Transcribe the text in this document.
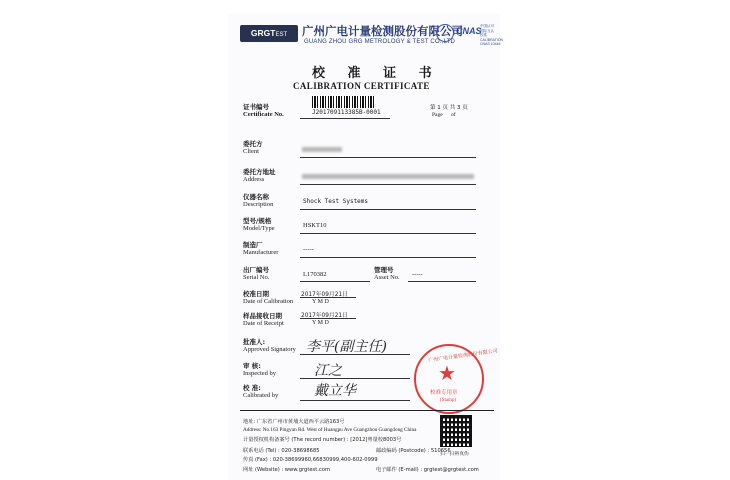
GRGTEST	广州广电计量检测股份有限公司
GUANG ZHOU GRG METROLOGY & TEST CO.,LTD
CNAS
中国认可
国际互认
校准
CALIBRATION
CNAS L0446
校 准 证 书
CALIBRATION CERTIFICATE
证书编号
Certificate No.	J201709113385B-0001
第 1 页 共 3 页
Page of
委托方
Client
委托方地址
Address
仪器名称
Description	Shock Test Systems
型号/规格
Model/Type	HSKT10
制造厂
Manufacturer	-----
出厂编号
Serial No.	L170382
管理号
Asset No. -----
校准日期
Date of Calibration
2017年09月21日
Y M D
样品接收日期
Date of Receipt
2017年09月21日
Y M D
批准人:
Approved Signatory 李平(副主任)
审 核:
Inspected by	江之
校 准:
Calibrated by	戴立华
广州广电计量检测股份有限公司
★
校准专用章
(Stamp)
地址: 广东省广州市黄埔大道西平云路163号
Address: No.163 Pingyun Rd. West of Huangpu Ave Guangzhou Guangdong China
计量授权机构备案号 (The record number) : [2012]粤量校8003号
联系电话 (Tel) : 020-38698685	邮政编码 (Postcode) : 510656
传真 (Fax) : 020-38699960,66830999,400-602-0999
扫一扫辨真伪
网址 (Website) : www.grgtest.com	电子邮件 (E-mail) : grgtest@grgtest.com
